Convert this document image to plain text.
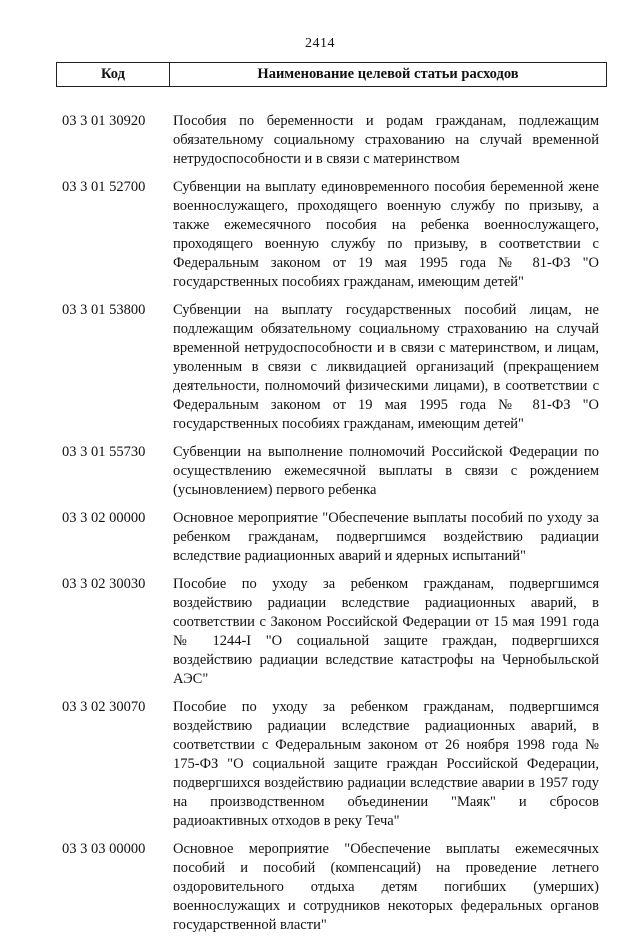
2414
Код	Наименование целевой статьи расходов
03 3 01 30920	Пособия по беременности и родам гражданам, подлежащим обязательному социальному страхованию на случай временной нетрудоспособности и в связи с материнством
03 3 01 52700	Субвенции на выплату единовременного пособия беременной жене военнослужащего, проходящего военную службу по призыву, а также ежемесячного пособия на ребенка военнослужащего, проходящего военную службу по призыву, в соответствии с Федеральным законом от 19 мая 1995 года № 81-ФЗ "О государственных пособиях гражданам, имеющим детей"
03 3 01 53800	Субвенции на выплату государственных пособий лицам, не подлежащим обязательному социальному страхованию на случай временной нетрудоспособности и в связи с материнством, и лицам, уволенным в связи с ликвидацией организаций (прекращением деятельности, полномочий физическими лицами), в соответствии с Федеральным законом от 19 мая 1995 года № 81-ФЗ "О государственных пособиях гражданам, имеющим детей"
03 3 01 55730	Субвенции на выполнение полномочий Российской Федерации по осуществлению ежемесячной выплаты в связи с рождением (усыновлением) первого ребенка
03 3 02 00000	Основное мероприятие "Обеспечение выплаты пособий по уходу за ребенком гражданам, подвергшимся воздействию радиации вследствие радиационных аварий и ядерных испытаний"
03 3 02 30030	Пособие по уходу за ребенком гражданам, подвергшимся воздействию радиации вследствие радиационных аварий, в соответствии с Законом Российской Федерации от 15 мая 1991 года № 1244-I "О социальной защите граждан, подвергшихся воздействию радиации вследствие катастрофы на Чернобыльской АЭС"
03 3 02 30070	Пособие по уходу за ребенком гражданам, подвергшимся воздействию радиации вследствие радиационных аварий, в соответствии с Федеральным законом от 26 ноября 1998 года № 175-ФЗ "О социальной защите граждан Российской Федерации, подвергшихся воздействию радиации вследствие аварии в 1957 году на производственном объединении "Маяк" и сбросов радиоактивных отходов в реку Теча"
03 3 03 00000	Основное мероприятие "Обеспечение выплаты ежемесячных пособий и пособий (компенсаций) на проведение летнего оздоровительного отдыха детям погибших (умерших) военнослужащих и сотрудников некоторых федеральных органов государственной власти"
